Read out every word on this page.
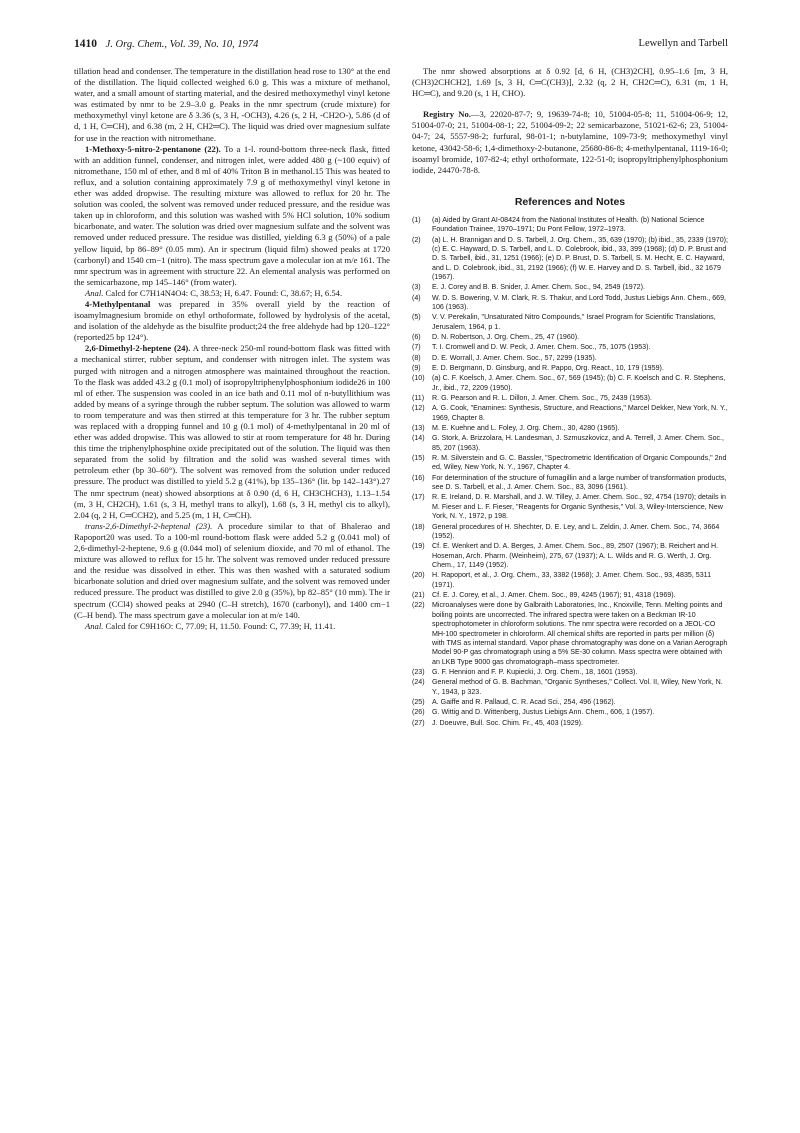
1410 J. Org. Chem., Vol. 39, No. 10, 1974	Lewellyn and Tarbell

tillation head and condenser. The temperature in the distillation head rose to 130° at the end of the distillation. The liquid collected weighed 6.0 g. This was a mixture of methanol, water, and a small amount of starting material, and the desired methoxymethyl vinyl ketone was estimated by nmr to be 2.9–3.0 g. Peaks in the nmr spectrum (crude mixture) for methoxymethyl vinyl ketone are δ 3.36 (s, 3 H, -OCH3), 4.26 (s, 2 H, -CH2O-), 5.86 (d of d, 1 H, C═CH), and 6.38 (m, 2 H, CH2═C). The liquid was dried over magnesium sulfate for use in the reaction with nitromethane.

1-Methoxy-5-nitro-2-pentanone (22). To a 1-l. round-bottom three-neck flask, fitted with an addition funnel, condenser, and nitrogen inlet, were added 480 g (~100 equiv) of nitromethane, 150 ml of ether, and 8 ml of 40% Triton B in methanol.15 This was heated to reflux, and a solution containing approximately 7.9 g of methoxymethyl vinyl ketone in ether was added dropwise. The resulting mixture was allowed to reflux for 20 hr. The solution was cooled, the solvent was removed under reduced pressure, and the residue was taken up in chloroform, and this solution was washed with 5% HCl solution, 10% sodium bicarbonate, and water. The solution was dried over magnesium sulfate and the solvent was removed under reduced pressure. The residue was distilled, yielding 6.3 g (50%) of a pale yellow liquid, bp 86–89° (0.05 mm). An ir spectrum (liquid film) showed peaks at 1720 (carbonyl) and 1540 cm−1 (nitro). The mass spectrum gave a molecular ion at m/e 161. The nmr spectrum was in agreement with structure 22. An elemental analysis was performed on the semicarbazone, mp 145–146° (from water).

Anal. Calcd for C7H14N4O4: C, 38.53; H, 6.47. Found: C, 38.67; H, 6.54.

4-Methylpentanal was prepared in 35% overall yield by the reaction of isoamylmagnesium bromide on ethyl orthoformate, followed by hydrolysis of the acetal, and isolation of the aldehyde as the bisulfite product;24 the free aldehyde had bp 120–122° (reported25 bp 124°).

2,6-Dimethyl-2-heptene (24). A three-neck 250-ml round-bottom flask was fitted with a mechanical stirrer, rubber septum, and condenser with nitrogen inlet. The system was purged with nitrogen and a nitrogen atmosphere was maintained throughout the reaction. To the flask was added 43.2 g (0.1 mol) of isopropyltriphenylphosphonium iodide26 in 100 ml of ether. The suspension was cooled in an ice bath and 0.11 mol of n-butyllithium was added by means of a syringe through the rubber septum. The solution was allowed to warm to room temperature and was then stirred at this temperature for 3 hr. The rubber septum was replaced with a dropping funnel and 10 g (0.1 mol) of 4-methylpentanal in 20 ml of ether was added dropwise. This was allowed to stir at room temperature for 48 hr. During this time the triphenylphosphine oxide precipitated out of the solution. The liquid was then separated from the solid by filtration and the solid was washed several times with petroleum ether (bp 30–60°). The solvent was removed from the solution under reduced pressure. The product was distilled to yield 5.2 g (41%), bp 135–136° (lit. bp 142–143°).27 The nmr spectrum (neat) showed absorptions at δ 0.90 (d, 6 H, CH3CHCH3), 1.13–1.54 (m, 3 H, CH2CH), 1.61 (s, 3 H, methyl trans to alkyl), 1.68 (s, 3 H, methyl cis to alkyl), 2.04 (q, 2 H, C═CCH2), and 5.25 (m, 1 H, C═CH).

trans-2,6-Dimethyl-2-heptenal (23). A procedure similar to that of Bhalerao and Rapoport20 was used. To a 100-ml round-bottom flask were added 5.2 g (0.041 mol) of 2,6-dimethyl-2-heptene, 9.6 g (0.044 mol) of selenium dioxide, and 70 ml of ethanol. The mixture was allowed to reflux for 15 hr. The solvent was removed under reduced pressure and the residue was dissolved in ether. This was then washed with a saturated sodium bicarbonate solution and dried over magnesium sulfate, and the solvent was removed under reduced pressure. The product was distilled to give 2.0 g (35%), bp 82–85° (10 mm). The ir spectrum (CCl4) showed peaks at 2940 (C–H stretch), 1670 (carbonyl), and 1400 cm−1 (C–H bend). The mass spectrum gave a molecular ion at m/e 140.

Anal. Calcd for C9H16O: C, 77.09; H, 11.50. Found: C, 77.39; H, 11.41.

The nmr showed absorptions at δ 0.92 [d, 6 H, (CH3)2CH], 0.95–1.6 [m, 3 H, (CH3)2CHCH2], 1.69 [s, 3 H, C═C(CH3)], 2.32 (q, 2 H, CH2C═C), 6.31 (m, 1 H, HC═C), and 9.20 (s, 1 H, CHO).

Registry No.—3, 22020-87-7; 9, 19639-74-8; 10, 51004-05-8; 11, 51004-06-9; 12, 51004-07-0; 21, 51004-08-1; 22, 51004-09-2; 22 semicarbazone, 51021-62-6; 23, 51004-04-7; 24, 5557-98-2; furfural, 98-01-1; n-butylamine, 109-73-9; methoxymethyl vinyl ketone, 43042-58-6; 1,4-dimethoxy-2-butanone, 25680-86-8; 4-methylpentanal, 1119-16-0; isoamyl bromide, 107-82-4; ethyl orthoformate, 122-51-0; isopropyltriphenylphosphonium iodide, 24470-78-8.

References and Notes
(1)	(a) Aided by Grant AI-08424 from the National Institutes of Health. (b) National Science Foundation Trainee, 1970–1971; Du Pont Fellow, 1972–1973.
(2)	(a) L. H. Brannigan and D. S. Tarbell, J. Org. Chem., 35, 639 (1970); (b) ibid., 35, 2339 (1970); (c) E. C. Hayward, D. S. Tarbell, and L. D. Colebrook, ibid., 33, 399 (1968); (d) D. P. Brust and D. S. Tarbell, ibid., 31, 1251 (1966); (e) D. P. Brust, D. S. Tarbell, S. M. Hecht, E. C. Hayward, and L. D. Colebrook, ibid., 31, 2192 (1966); (f) W. E. Harvey and D. S. Tarbell, ibid., 32 1679 (1967).
(3)	E. J. Corey and B. B. Snider, J. Amer. Chem. Soc., 94, 2549 (1972).
(4)	W. D. S. Bowering, V. M. Clark, R. S. Thakur, and Lord Todd, Justus Liebigs Ann. Chem., 669, 106 (1963).
(5)	V. V. Perekalin, "Unsaturated Nitro Compounds," Israel Program for Scientific Translations, Jerusalem, 1964, p 1.
(6)	D. N. Robertson, J. Org. Chem., 25, 47 (1960).
(7)	T. I. Cromwell and D. W. Peck, J. Amer. Chem. Soc., 75, 1075 (1953).
(8)	D. E. Worrall, J. Amer. Chem. Soc., 57, 2299 (1935).
(9)	E. D. Bergmann, D. Ginsburg, and R. Pappo, Org. React., 10, 179 (1959).
(10)	(a) C. F. Koelsch, J. Amer. Chem. Soc., 67, 569 (1945); (b) C. F. Koelsch and C. R. Stephens, Jr., ibid., 72, 2209 (1950).
(11)	R. G. Pearson and R. L. Dillon, J. Amer. Chem. Soc., 75, 2439 (1953).
(12)	A. G. Cook, "Enamines: Synthesis, Structure, and Reactions," Marcel Dekker, New York, N. Y., 1969, Chapter 8.
(13)	M. E. Kuehne and L. Foley, J. Org. Chem., 30, 4280 (1965).
(14)	G. Stork, A. Brizzolara, H. Landesman, J. Szmuszkovicz, and A. Terrell, J. Amer. Chem. Soc., 85, 207 (1963).
(15)	R. M. Silverstein and G. C. Bassler, "Spectrometric Identification of Organic Compounds," 2nd ed, Wiley, New York, N. Y., 1967, Chapter 4.
(16)	For determination of the structure of fumagillin and a large number of transformation products, see D. S. Tarbell, et al., J. Amer. Chem. Soc., 83, 3096 (1961).
(17)	R. E. Ireland, D. R. Marshall, and J. W. Tilley, J. Amer. Chem. Soc., 92, 4754 (1970); details in M. Fieser and L. F. Fieser, "Reagents for Organic Synthesis," Vol. 3, Wiley-Interscience, New York, N. Y., 1972, p 198.
(18)	General procedures of H. Shechter, D. E. Ley, and L. Zeldin, J. Amer. Chem. Soc., 74, 3664 (1952).
(19)	Cf. E. Wenkert and D. A. Berges, J. Amer. Chem. Soc., 89, 2507 (1967); B. Reichert and H. Hoseman, Arch. Pharm. (Weinheim), 275, 67 (1937); A. L. Wilds and R. G. Werth, J. Org. Chem., 17, 1149 (1952).
(20)	H. Rapoport, et al., J. Org. Chem., 33, 3382 (1968); J. Amer. Chem. Soc., 93, 4835, 5311 (1971).
(21)	Cf. E. J. Corey, et al., J. Amer. Chem. Soc., 89, 4245 (1967); 91, 4318 (1969).
(22)	Microanalyses were done by Galbraith Laboratories, Inc., Knoxville, Tenn. Melting points and boiling points are uncorrected. The infrared spectra were taken on a Beckman IR-10 spectrophotometer in chloroform solutions. The nmr spectra were recorded on a JEOL-CO MH-100 spectrometer in chloroform. All chemical shifts are reported in parts per million (δ) with TMS as internal standard. Vapor phase chromatography was done on a Varian Aerograph Model 90-P gas chromatograph using a 5% SE-30 column. Mass spectra were obtained with an LKB Type 9000 gas chromatograph–mass spectrometer.
(23)	G. F. Hennion and F. P. Kupiecki, J. Org. Chem., 18, 1601 (1953).
(24)	General method of G. B. Bachman, "Organic Syntheses," Collect. Vol. II, Wiley, New York, N. Y., 1943, p 323.
(25)	A. Gaiffe and R. Pallaud, C. R. Acad Sci., 254, 496 (1962).
(26)	G. Wittig and D. Wittenberg, Justus Liebigs Ann. Chem., 606, 1 (1957).
(27)	J. Doeuvre, Bull. Soc. Chim. Fr., 45, 403 (1929).
